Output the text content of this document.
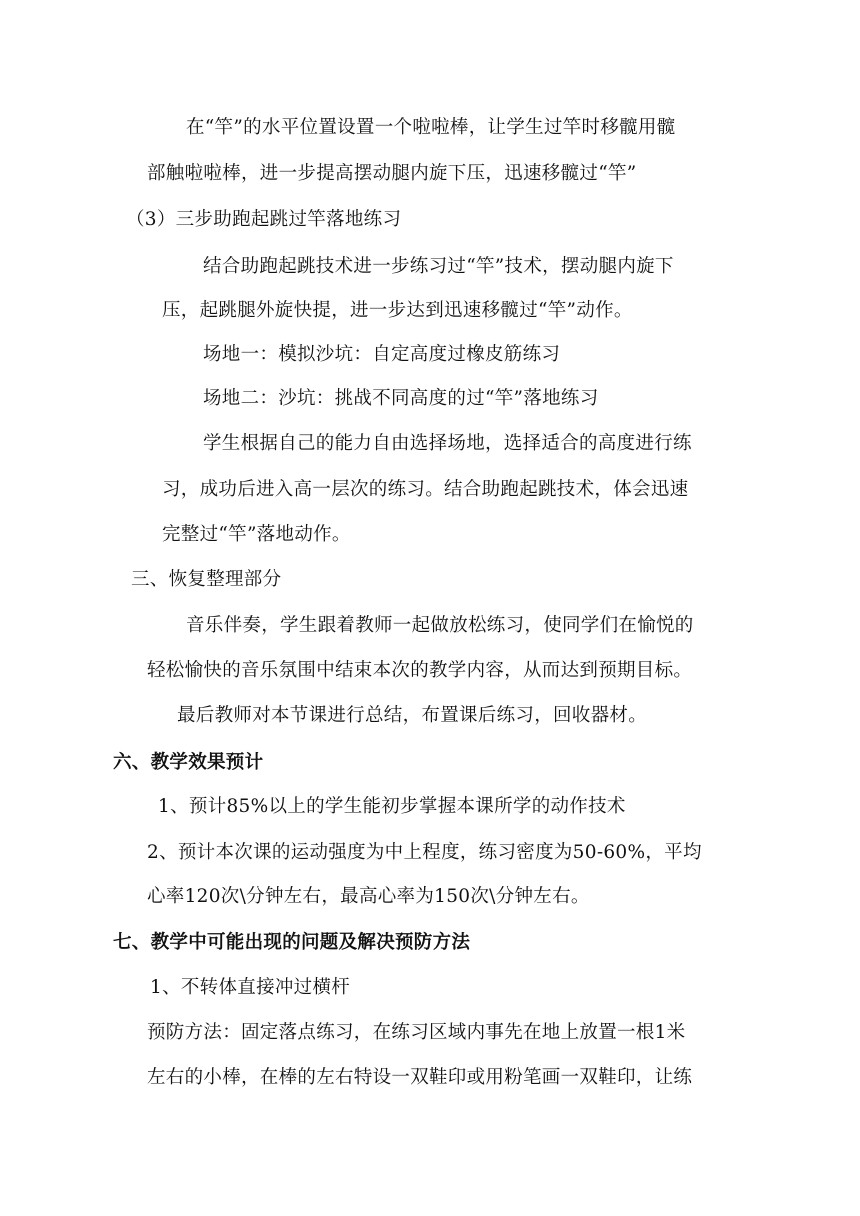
在“竿”的水平位置设置一个啦啦棒，让学生过竿时移髋用髋
部触啦啦棒，进一步提高摆动腿内旋下压，迅速移髋过“竿”
（3）三步助跑起跳过竿落地练习
结合助跑起跳技术进一步练习过“竿”技术，摆动腿内旋下
压，起跳腿外旋快提，进一步达到迅速移髋过“竿”动作。
场地一：模拟沙坑：自定高度过橡皮筋练习
场地二：沙坑：挑战不同高度的过“竿”落地练习
学生根据自己的能力自由选择场地，选择适合的高度进行练
习，成功后进入高一层次的练习。结合助跑起跳技术，体会迅速
完整过“竿”落地动作。
三、恢复整理部分
音乐伴奏，学生跟着教师一起做放松练习，使同学们在愉悦的
轻松愉快的音乐氛围中结束本次的教学内容，从而达到预期目标。
最后教师对本节课进行总结，布置课后练习，回收器材。
六、教学效果预计
1、预计85%以上的学生能初步掌握本课所学的动作技术
2、预计本次课的运动强度为中上程度，练习密度为50-60%，平均
心率120次\分钟左右，最高心率为150次\分钟左右。
七、教学中可能出现的问题及解决预防方法
1、不转体直接冲过横杆
预防方法：固定落点练习，在练习区域内事先在地上放置一根1米
左右的小棒，在棒的左右特设一双鞋印或用粉笔画一双鞋印，让练
